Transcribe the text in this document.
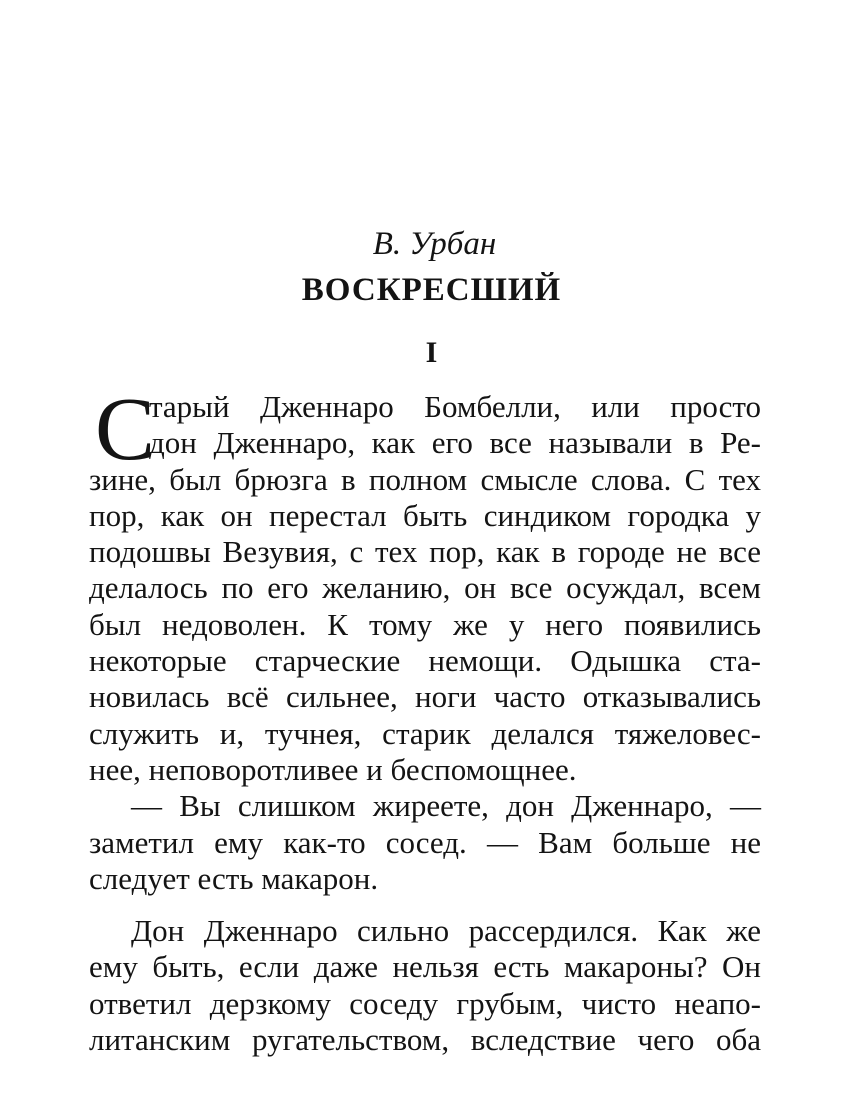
В. Урбан
ВОСКРЕСШИЙ
I
С
тарый Дженнаро Бомбелли, или просто
дон Дженнаро, как его все называли в Ре-
зине, был брюзга в полном смысле слова. С тех
пор, как он перестал быть синдиком городка у
подошвы Везувия, с тех пор, как в городе не все
делалось по его желанию, он все осуждал, всем
был недоволен. К тому же у него появились
некоторые старческие немощи. Одышка ста-
новилась всё сильнее, ноги часто отказывались
служить и, тучнея, старик делался тяжеловес-
нее, неповоротливее и беспомощнее.
— Вы слишком жиреете, дон Дженнаро, —
заметил ему как-то сосед. — Вам больше не
следует есть макарон.
Дон Дженнаро сильно рассердился. Как же
ему быть, если даже нельзя есть макароны? Он
ответил дерзкому соседу грубым, чисто неапо-
литанским ругательством, вследствие чего оба
